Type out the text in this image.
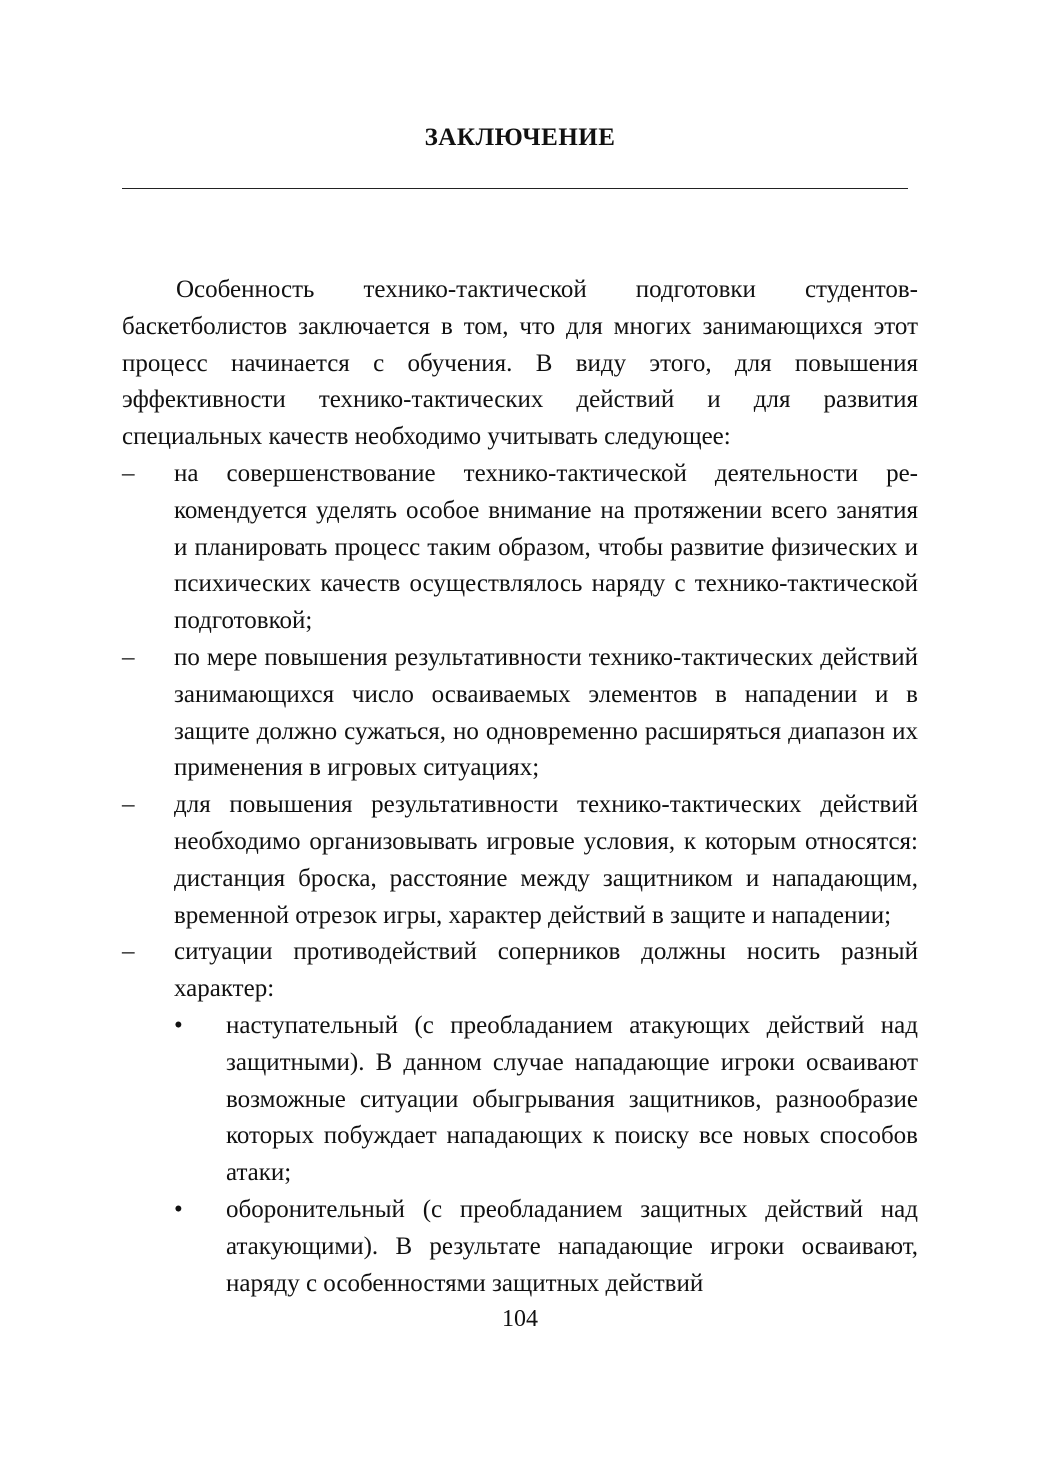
ЗАКЛЮЧЕНИЕ

Особенность технико-тактической подготовки студентов-баскетболистов заключается в том, что для многих занимающихся этот процесс начинается с обучения. В виду этого, для повышения эффективности технико-тактических действий и для развития специальных качеств необходимо учитывать следующее:

– на совершенствование технико-тактической деятельности рекомендуется уделять особое внимание на протяжении всего занятия и планировать процесс таким образом, чтобы развитие физических и психических качеств осуществлялось наряду с технико-тактической подготовкой;
– по мере повышения результативности технико-тактических действий занимающихся число осваиваемых элементов в нападении и в защите должно сужаться, но одновременно расширяться диапазон их применения в игровых ситуациях;
– для повышения результативности технико-тактических действий необходимо организовывать игровые условия, к которым относятся: дистанция броска, расстояние между защитником и нападающим, временной отрезок игры, характер действий в защите и нападении;
– ситуации противодействий соперников должны носить разный характер:
• наступательный (с преобладанием атакующих действий над защитными). В данном случае нападающие игроки осваивают возможные ситуации обыгрывания защитников, разнообразие которых побуждает нападающих к поиску все новых способов атаки;
• оборонительный (с преобладанием защитных действий над атакующими). В результате нападающие игроки осваивают, наряду с особенностями защитных действий
104
